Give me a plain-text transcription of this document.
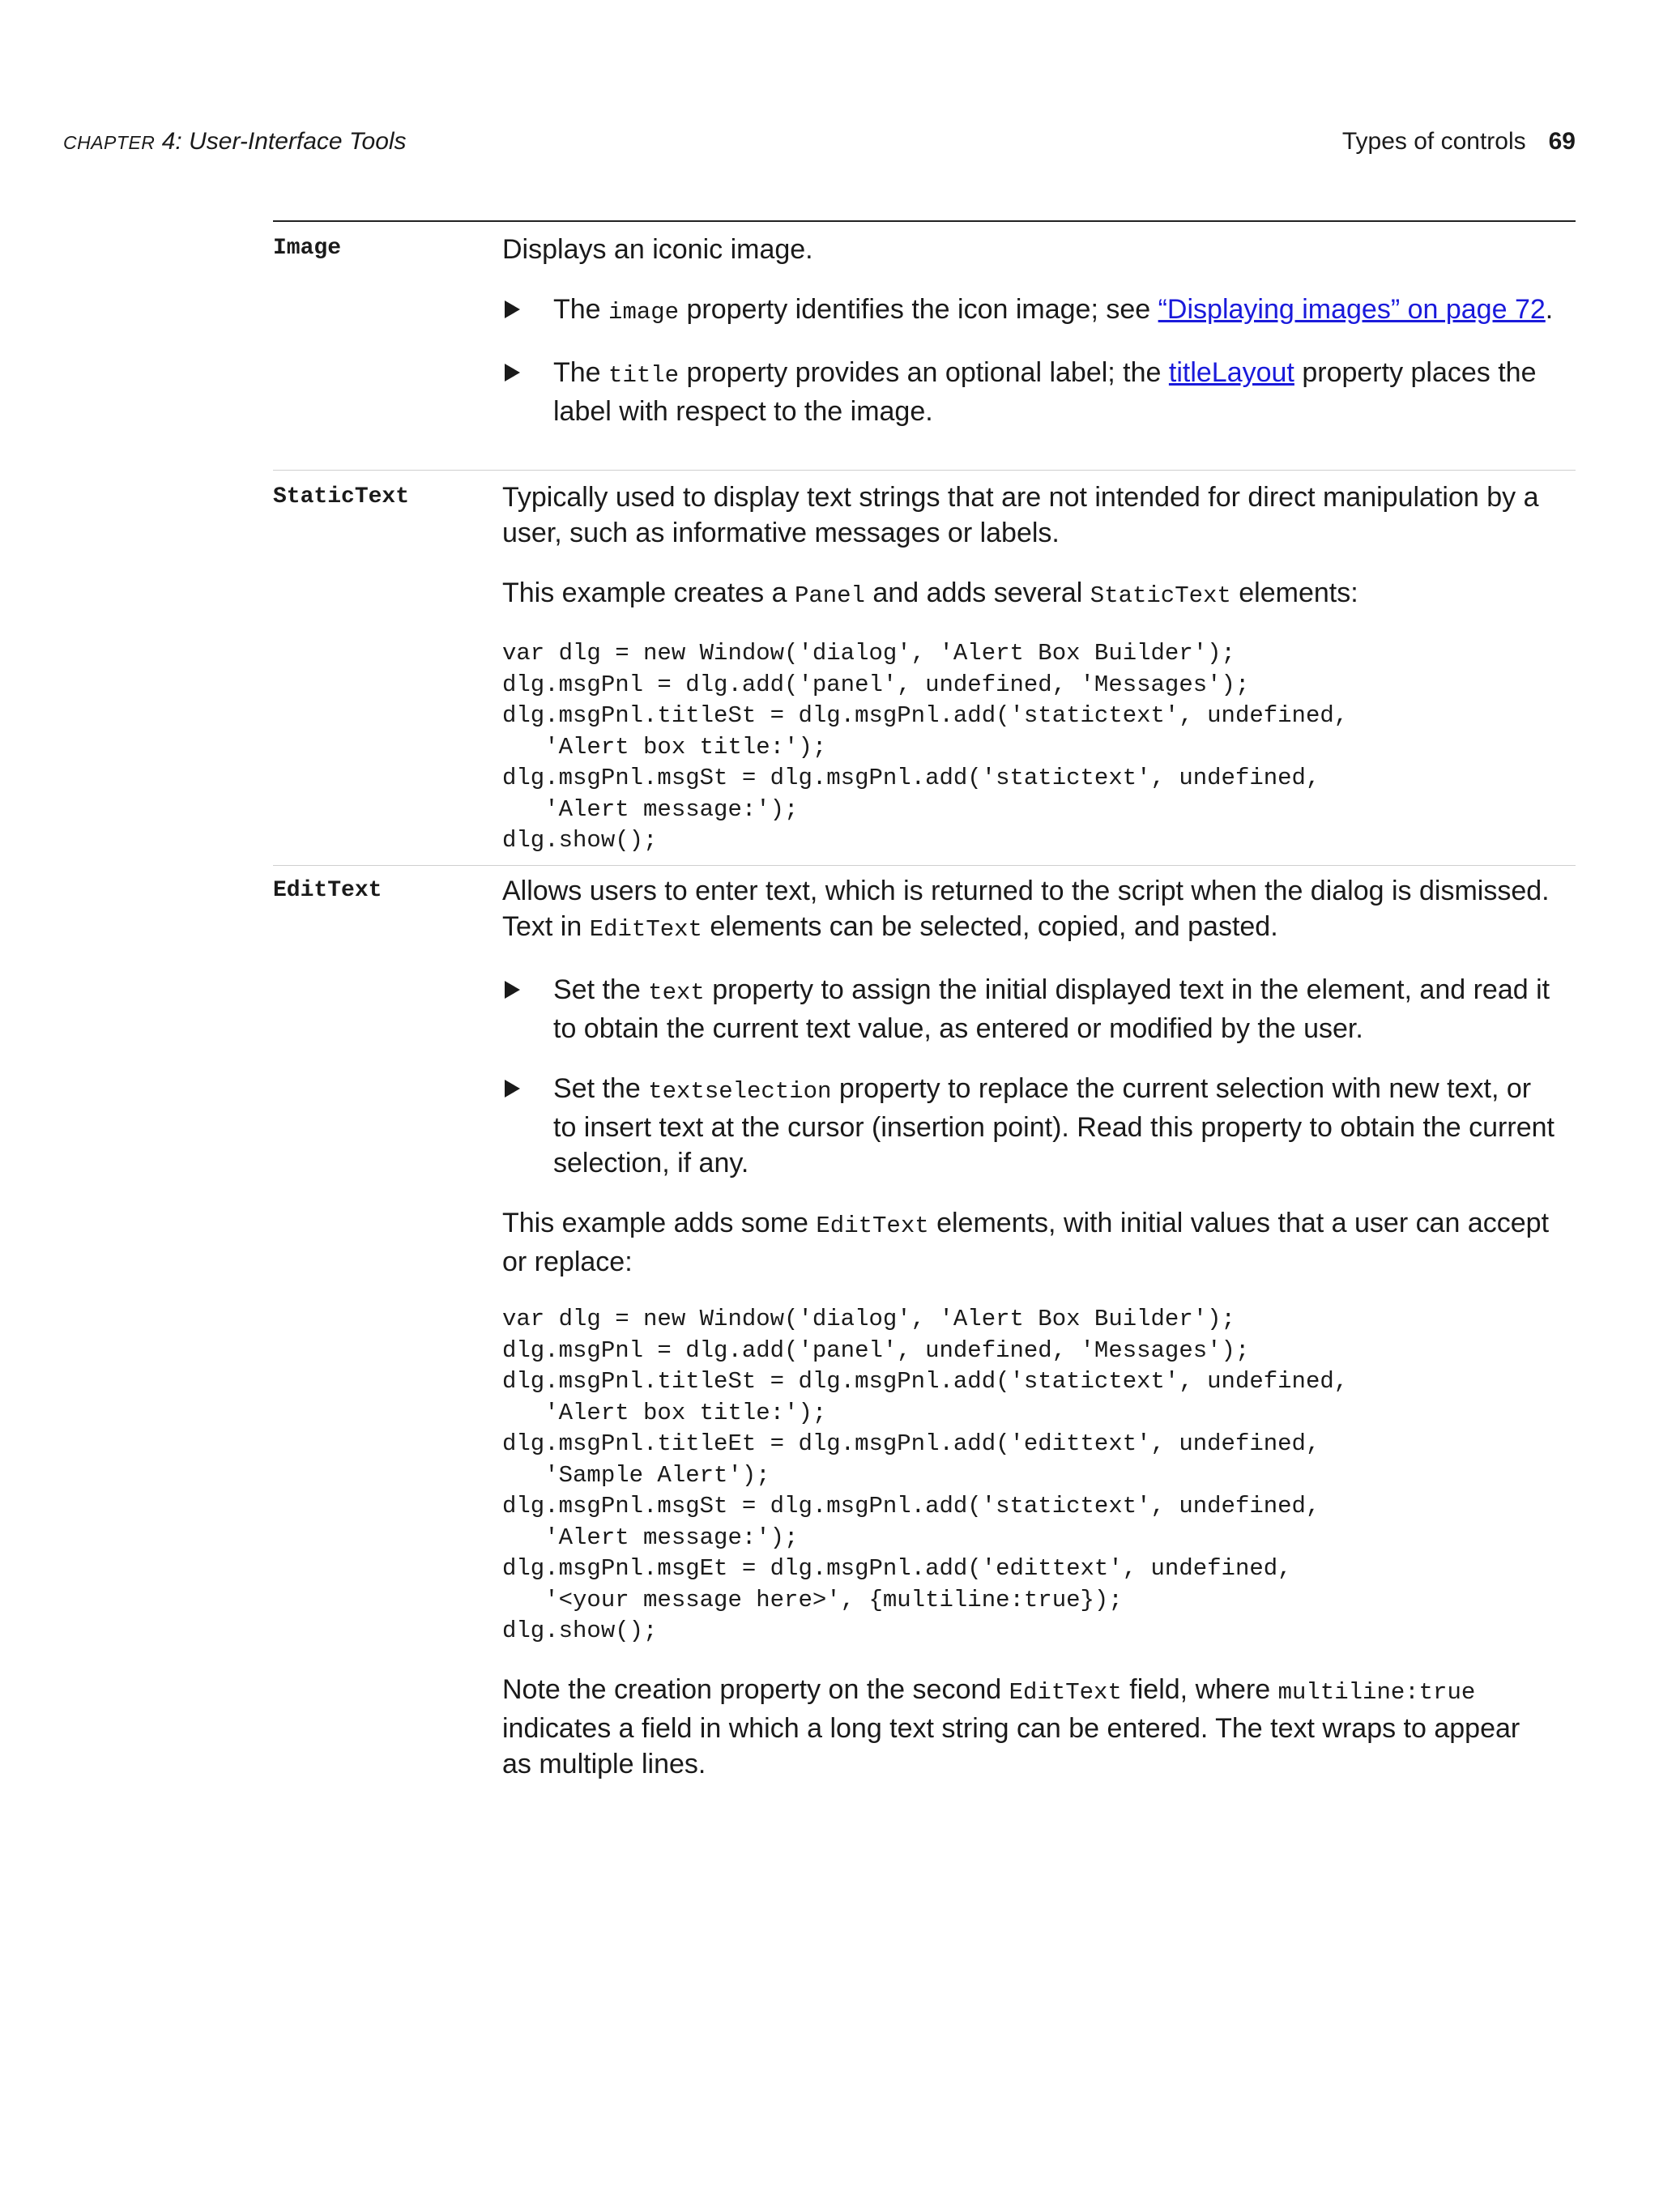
CHAPTER 4: User-Interface Tools	Types of controls 69
Image	Displays an iconic image.

The image property identifies the icon image; see “Displaying images” on page 72.

The title property provides an optional label; the titleLayout property places the label with respect to the image.

StaticText	Typically used to display text strings that are not intended for direct manipulation by a user, such as informative messages or labels.

This example creates a Panel and adds several StaticText elements:

var dlg = new Window('dialog', 'Alert Box Builder');
dlg.msgPnl = dlg.add('panel', undefined, 'Messages');
dlg.msgPnl.titleSt = dlg.msgPnl.add('statictext', undefined,
'Alert box title:');
dlg.msgPnl.msgSt = dlg.msgPnl.add('statictext', undefined,
'Alert message:');
dlg.show();
EditText	Allows users to enter text, which is returned to the script when the dialog is dismissed. Text in EditText elements can be selected, copied, and pasted.

Set the text property to assign the initial displayed text in the element, and read it to obtain the current text value, as entered or modified by the user.

Set the textselection property to replace the current selection with new text, or to insert text at the cursor (insertion point). Read this property to obtain the current selection, if any.

This example adds some EditText elements, with initial values that a user can accept or replace:

var dlg = new Window('dialog', 'Alert Box Builder');
dlg.msgPnl = dlg.add('panel', undefined, 'Messages');
dlg.msgPnl.titleSt = dlg.msgPnl.add('statictext', undefined,
'Alert box title:');
dlg.msgPnl.titleEt = dlg.msgPnl.add('edittext', undefined,
'Sample Alert');
dlg.msgPnl.msgSt = dlg.msgPnl.add('statictext', undefined,
'Alert message:');
dlg.msgPnl.msgEt = dlg.msgPnl.add('edittext', undefined,
'<your message here>', {multiline:true});
dlg.show();

Note the creation property on the second EditText field, where multiline:true indicates a field in which a long text string can be entered. The text wraps to appear as multiple lines.
